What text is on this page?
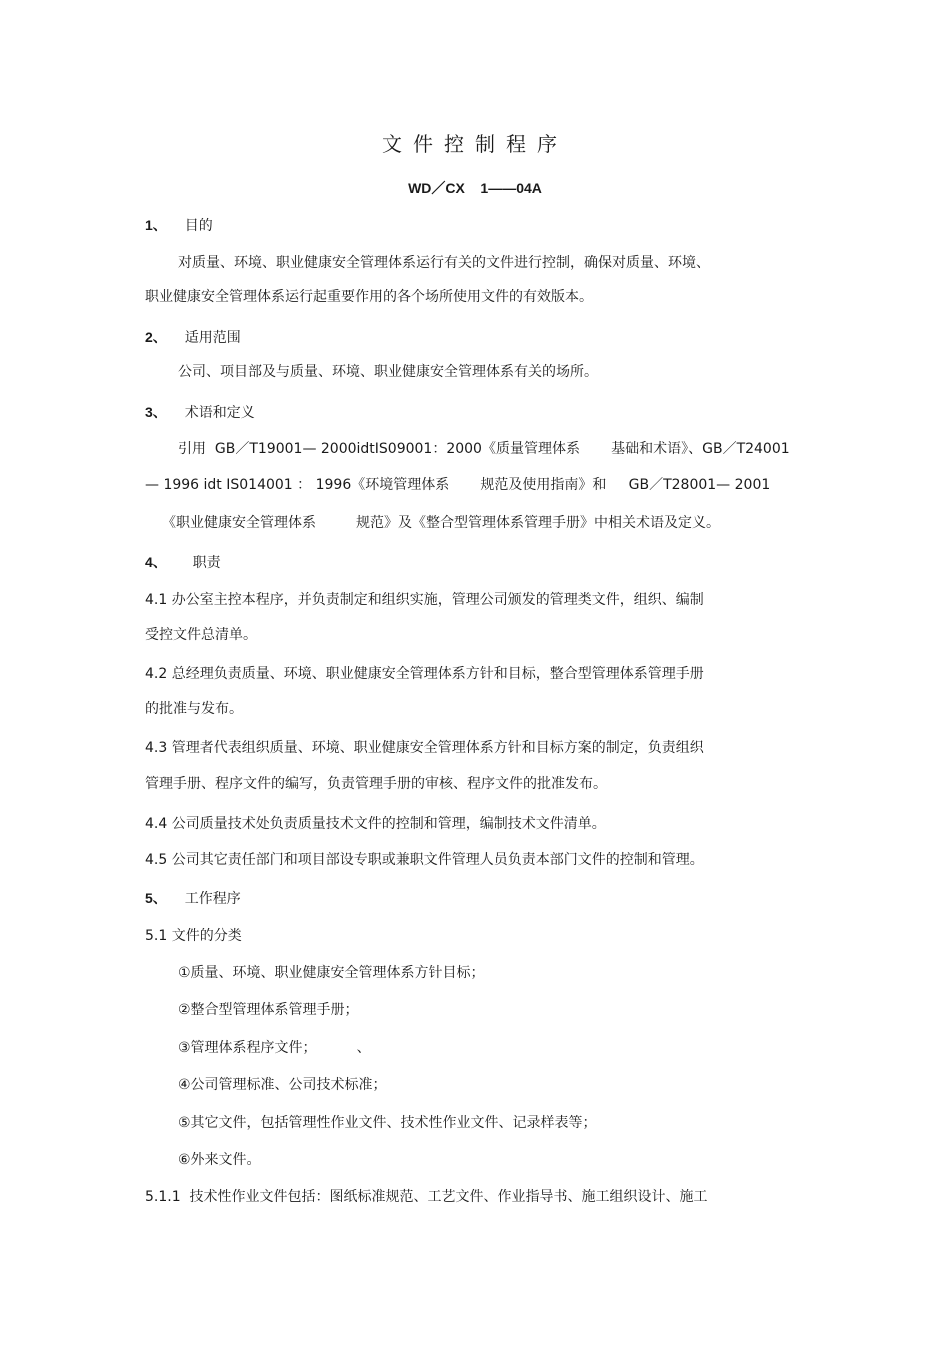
文件控制程序
WD／CX    1——04A
1、 目的
对质量、环境、职业健康安全管理体系运行有关的文件进行控制，确保对质量、环境、
职业健康安全管理体系运行起重要作用的各个场所使用文件的有效版本。
2、 适用范围
公司、项目部及与质量、环境、职业健康安全管理体系有关的场所。
3、 术语和定义
引用  GB／T19001— 2000idtIS09001：2000《质量管理体系       基础和术语》、GB／T24001
— 1996 idt IS014001 ： 1996《环境管理体系       规范及使用指南》和     GB／T28001— 2001
《职业健康安全管理体系         规范》及《整合型管理体系管理手册》中相关术语及定义。
4、 职责
4.1 办公室主控本程序，并负责制定和组织实施，管理公司颁发的管理类文件，组织、编制
受控文件总清单。
4.2 总经理负责质量、环境、职业健康安全管理体系方针和目标，整合型管理体系管理手册
的批准与发布。
4.3 管理者代表组织质量、环境、职业健康安全管理体系方针和目标方案的制定，负责组织
管理手册、程序文件的编写，负责管理手册的审核、程序文件的批准发布。
4.4 公司质量技术处负责质量技术文件的控制和管理，编制技术文件清单。
4.5 公司其它责任部门和项目部设专职或兼职文件管理人员负责本部门文件的控制和管理。
5、 工作程序
5.1 文件的分类
①质量、环境、职业健康安全管理体系方针目标；
②整合型管理体系管理手册；
③管理体系程序文件；         、
④公司管理标准、公司技术标准；
⑤其它文件，包括管理性作业文件、技术性作业文件、记录样表等；
⑥外来文件。
5.1.1  技术性作业文件包括：图纸标准规范、工艺文件、作业指导书、施工组织设计、施工
